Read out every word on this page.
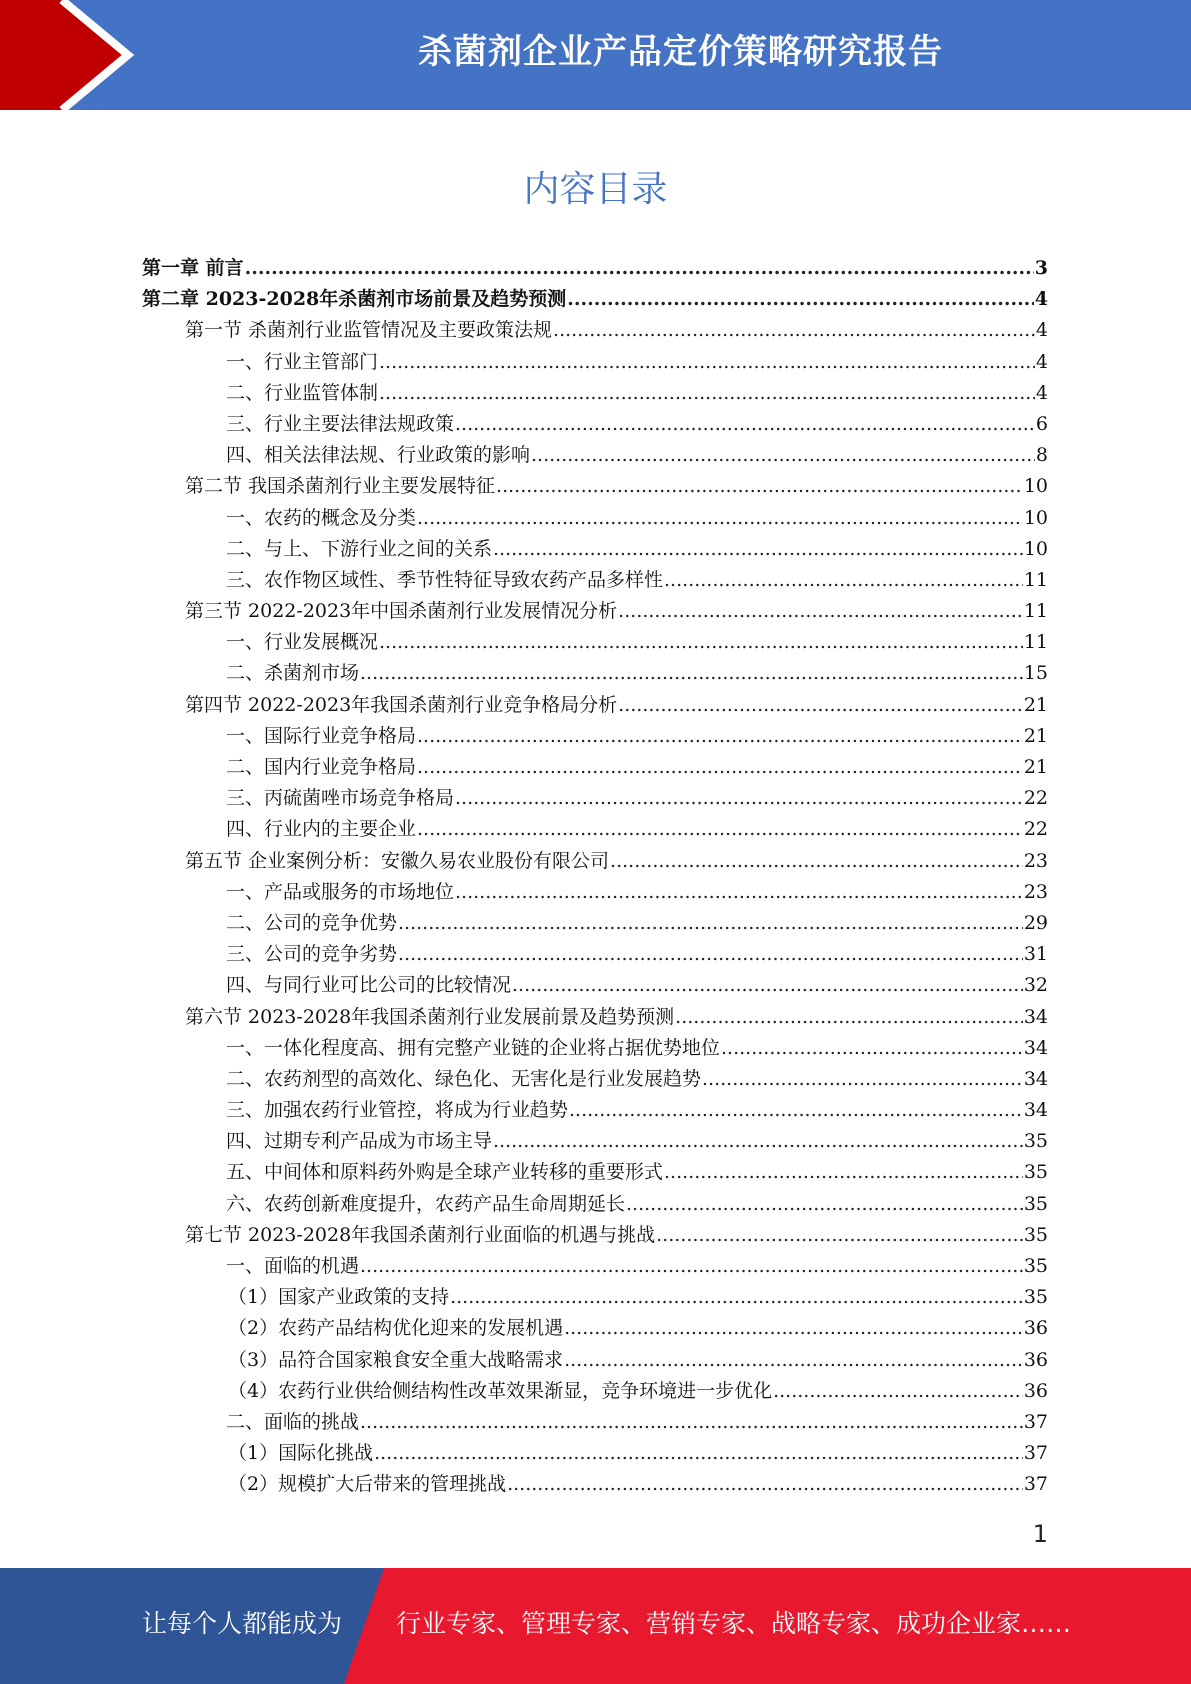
杀菌剂企业产品定价策略研究报告
内容目录
第一章 前言 .....	3
第二章 2023-2028年杀菌剂市场前景及趋势预测 .....	4
第一节 杀菌剂行业监管情况及主要政策法规 .....	4
一、行业主管部门 .....	4
二、行业监管体制 .....	4
三、行业主要法律法规政策 .....	6
四、相关法律法规、行业政策的影响 .....	8
第二节 我国杀菌剂行业主要发展特征 .....	10
一、农药的概念及分类 .....	10
二、与上、下游行业之间的关系 .....	10
三、农作物区域性、季节性特征导致农药产品多样性 .....	11
第三节 2022-2023年中国杀菌剂行业发展情况分析 .....	11
一、行业发展概况 .....	11
二、杀菌剂市场 .....	15
第四节 2022-2023年我国杀菌剂行业竞争格局分析 .....	21
一、国际行业竞争格局 .....	21
二、国内行业竞争格局 .....	21
三、丙硫菌唑市场竞争格局 .....	22
四、行业内的主要企业 .....	22
第五节 企业案例分析：安徽久易农业股份有限公司 .....	23
一、产品或服务的市场地位 .....	23
二、公司的竞争优势 .....	29
三、公司的竞争劣势 .....	31
四、与同行业可比公司的比较情况 .....	32
第六节 2023-2028年我国杀菌剂行业发展前景及趋势预测 .....	34
一、一体化程度高、拥有完整产业链的企业将占据优势地位 .....	34
二、农药剂型的高效化、绿色化、无害化是行业发展趋势 .....	34
三、加强农药行业管控，将成为行业趋势 .....	34
四、过期专利产品成为市场主导 .....	35
五、中间体和原料药外购是全球产业转移的重要形式 .....	35
六、农药创新难度提升，农药产品生命周期延长 .....	35
第七节 2023-2028年我国杀菌剂行业面临的机遇与挑战 .....	35
一、面临的机遇 .....	35
（1）国家产业政策的支持 .....	35
（2）农药产品结构优化迎来的发展机遇 .....	36
（3）品符合国家粮食安全重大战略需求 .....	36
（4）农药行业供给侧结构性改革效果渐显，竞争环境进一步优化 .....	36
二、面临的挑战 .....	37
（1）国际化挑战 .....	37
（2）规模扩大后带来的管理挑战 .....	37
1
让每个人都能成为 行业专家、管理专家、营销专家、战略专家、成功企业家……
